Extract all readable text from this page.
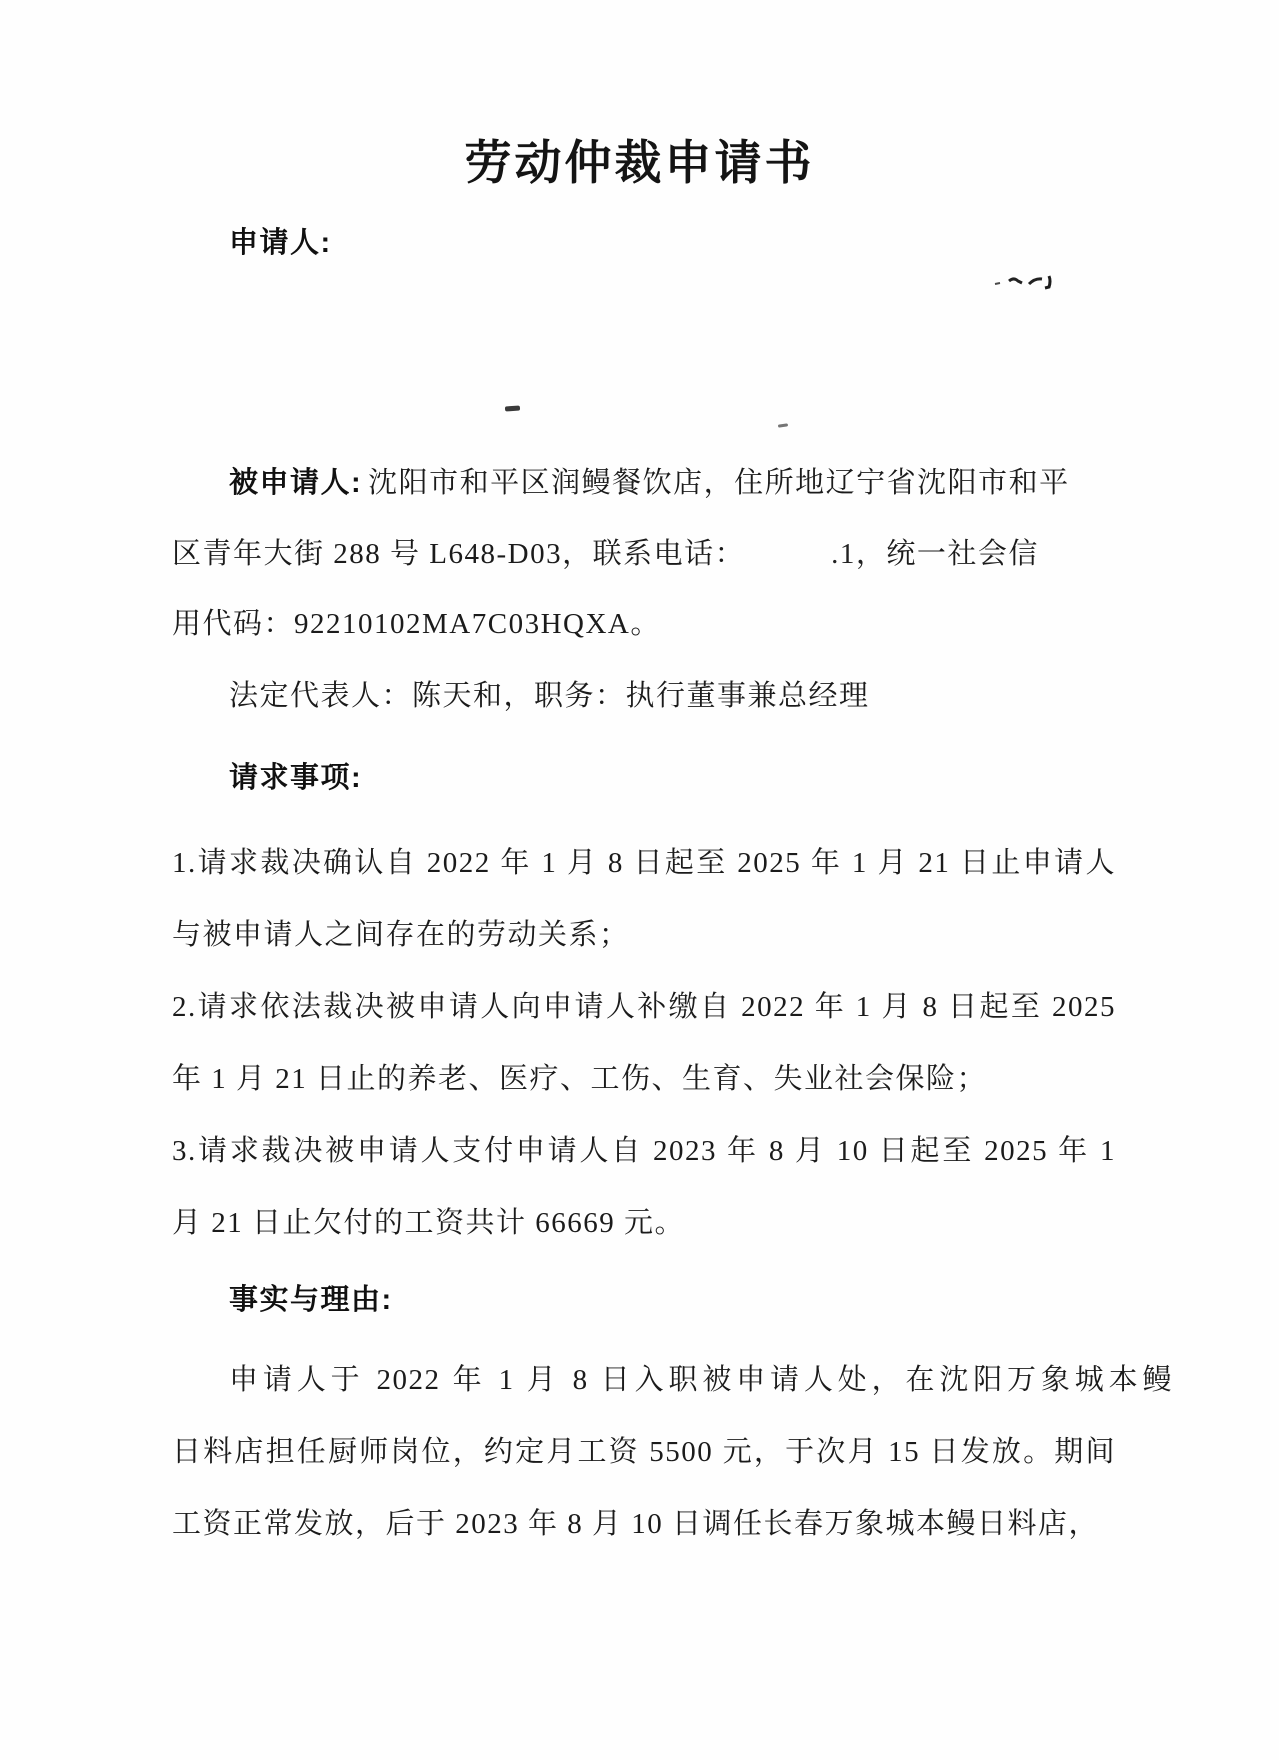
劳动仲裁申请书
申请人:
被申请人: 沈阳市和平区润鳗餐饮店，住所地辽宁省沈阳市和平
区青年大街 288 号 L648-D03，联系电话：	.1，统一社会信
用代码：92210102MA7C03HQXA。
法定代表人：陈天和，职务：执行董事兼总经理
请求事项:
1.请求裁决确认自 2022 年 1 月 8 日起至 2025 年 1 月 21 日止申请人
与被申请人之间存在的劳动关系；
2.请求依法裁决被申请人向申请人补缴自 2022 年 1 月 8 日起至 2025
年 1 月 21 日止的养老、医疗、工伤、生育、失业社会保险；
3.请求裁决被申请人支付申请人自 2023 年 8 月 10 日起至 2025 年 1
月 21 日止欠付的工资共计 66669 元。
事实与理由:
申请人于 2022 年 1 月 8 日入职被申请人处，在沈阳万象城本鳗
日料店担任厨师岗位，约定月工资 5500 元，于次月 15 日发放。期间
工资正常发放，后于 2023 年 8 月 10 日调任长春万象城本鳗日料店，
